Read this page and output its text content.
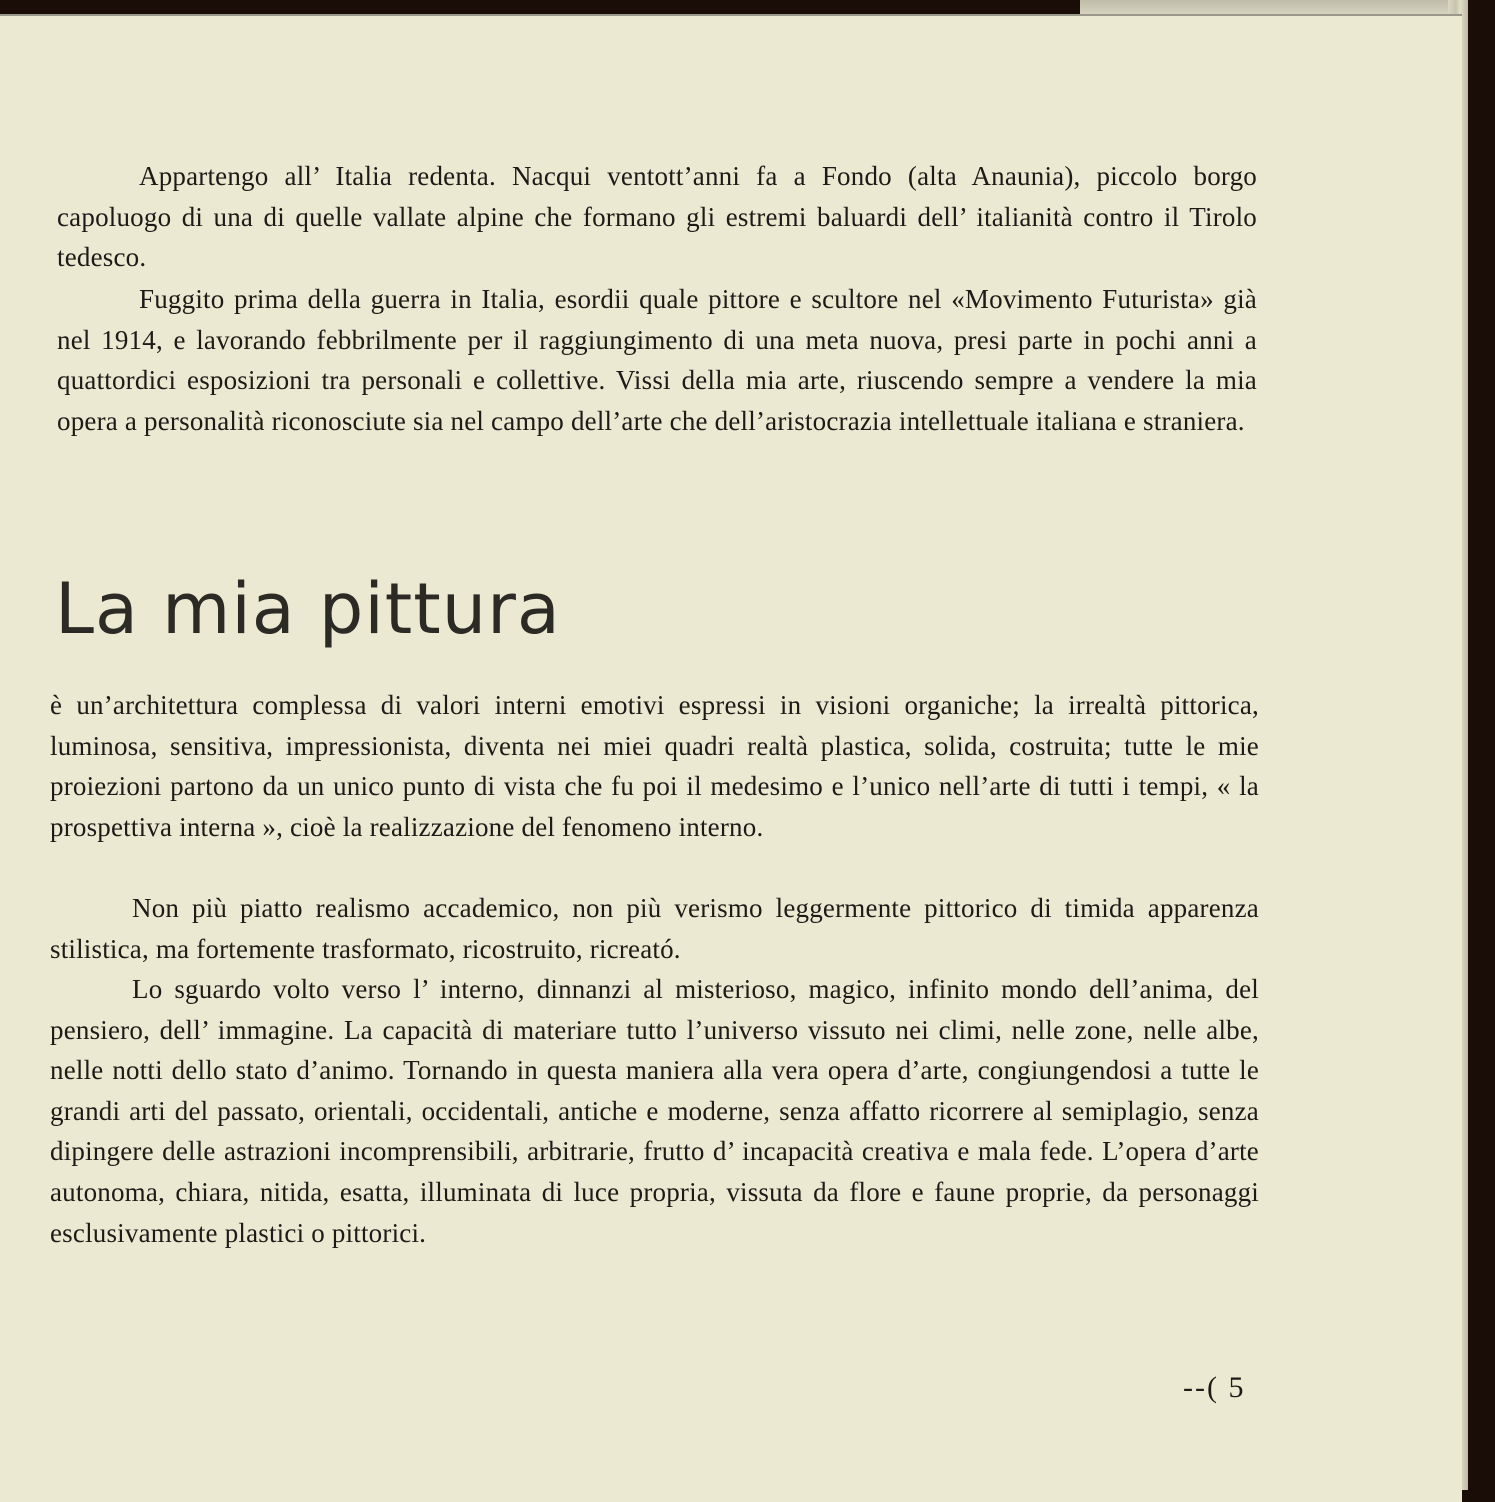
Appartengo all’ Italia redenta. Nacqui ventott’anni fa a Fondo (alta Anaunia), piccolo borgo capoluogo di una di quelle vallate alpine che formano gli estremi baluardi dell’ italianità contro il Tirolo tedesco.

Fuggito prima della guerra in Italia, esordii quale pittore e scultore nel «Movimento Futurista» già nel 1914, e lavorando febbrilmente per il raggiungimento di una meta nuova, presi parte in pochi anni a quattordici esposizioni tra personali e collettive. Vissi della mia arte, riuscendo sempre a vendere la mia opera a personalità riconosciute sia nel campo dell’arte che dell’aristocrazia intellettuale italiana e straniera.

La mia pittura

è un’architettura complessa di valori interni emotivi espressi in visioni organiche; la irrealtà pittorica, luminosa, sensitiva, impressionista, diventa nei miei quadri realtà plastica, solida, costruita; tutte le mie proiezioni partono da un unico punto di vista che fu poi il medesimo e l’unico nell’arte di tutti i tempi, « la prospettiva interna », cioè la realizzazione del fenomeno interno.

Non più piatto realismo accademico, non più verismo leggermente pittorico di timida apparenza stilistica, ma fortemente trasformato, ricostruito, ricreató.

Lo sguardo volto verso l’ interno, dinnanzi al misterioso, magico, infinito mondo dell’anima, del pensiero, dell’ immagine. La capacità di materiare tutto l’universo vissuto nei climi, nelle zone, nelle albe, nelle notti dello stato d’animo. Tornando in questa maniera alla vera opera d’arte, congiungendosi a tutte le grandi arti del passato, orientali, occidentali, antiche e moderne, senza affatto ricorrere al semiplagio, senza dipingere delle astrazioni incomprensibili, arbitrarie, frutto d’ incapacità creativa e mala fede. L’opera d’arte autonoma, chiara, nitida, esatta, illuminata di luce propria, vissuta da flore e faune proprie, da personaggi esclusivamente plastici o pittorici.

--( 5
